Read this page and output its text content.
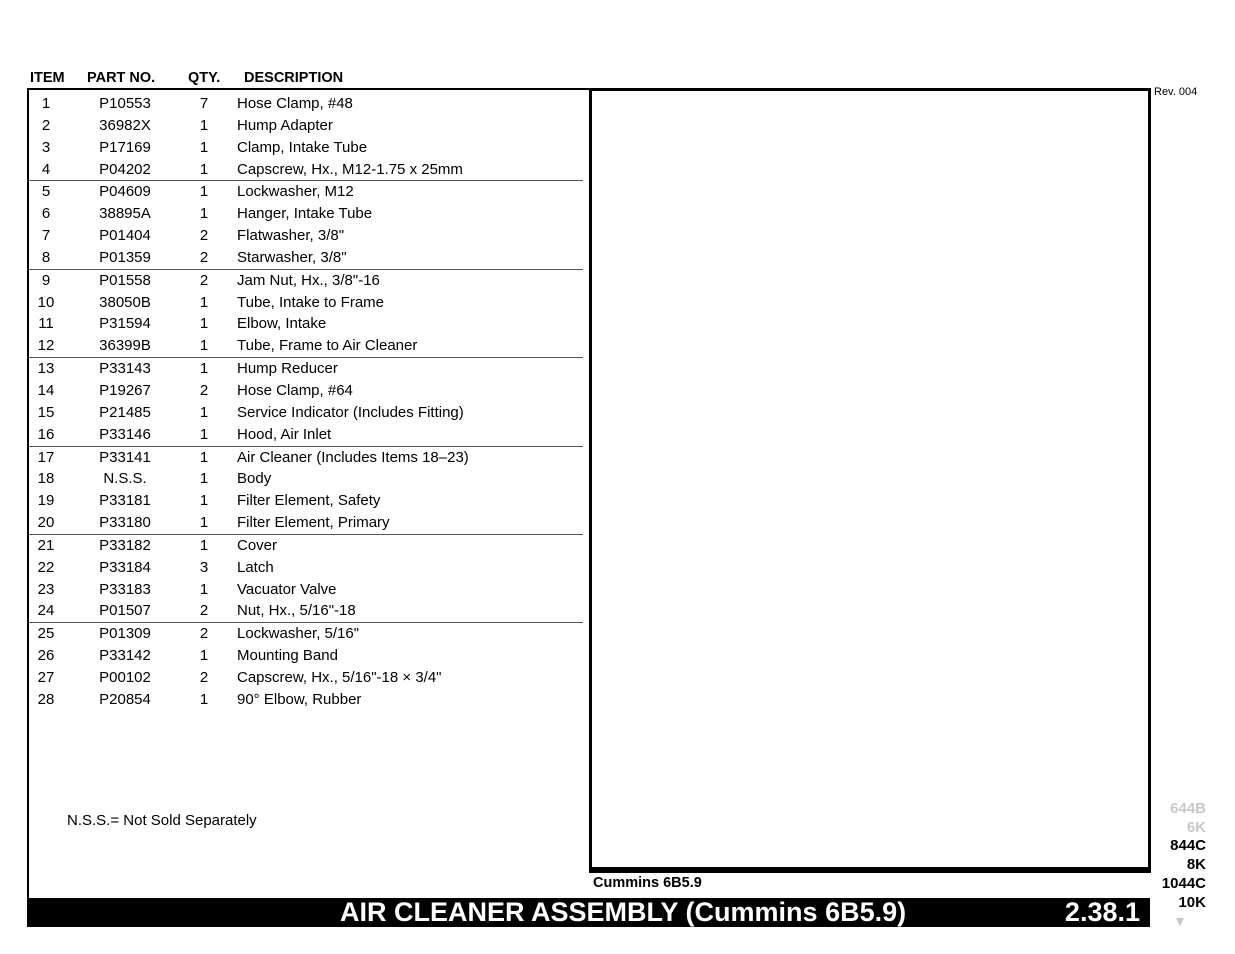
ITEM PART NO. QTY. DESCRIPTION
Rev. 004
1	P10553	7	Hose Clamp, #48
2	36982X	1	Hump Adapter
3	P17169	1	Clamp, Intake Tube
4	P04202	1	Capscrew, Hx., M12-1.75 x 25mm
5	P04609	1	Lockwasher, M12
6	38895A	1	Hanger, Intake Tube
7	P01404	2	Flatwasher, 3/8"
8	P01359	2	Starwasher, 3/8"
9	P01558	2	Jam Nut, Hx., 3/8"-16
10	38050B	1	Tube, Intake to Frame
11	P31594	1	Elbow, Intake
12	36399B	1	Tube, Frame to Air Cleaner
13	P33143	1	Hump Reducer
14	P19267	2	Hose Clamp, #64
15	P21485	1	Service Indicator (Includes Fitting)
16	P33146	1	Hood, Air Inlet
17	P33141	1	Air Cleaner (Includes Items 18–23)
18	N.S.S.	1	Body
19	P33181	1	Filter Element, Safety
20	P33180	1	Filter Element, Primary
21	P33182	1	Cover
22	P33184	3	Latch
23	P33183	1	Vacuator Valve
24	P01507	2	Nut, Hx., 5/16"-18
25	P01309	2	Lockwasher, 5/16"
26	P33142	1	Mounting Band
27	P00102	2	Capscrew, Hx., 5/16"-18 × 3/4"
28	P20854	1	90° Elbow, Rubber
N.S.S.= Not Sold Separately
Cummins 6B5.9
AIR CLEANER ASSEMBLY (Cummins 6B5.9)	2.38.1
644B
6K
844C
8K
1044C
10K
▼
